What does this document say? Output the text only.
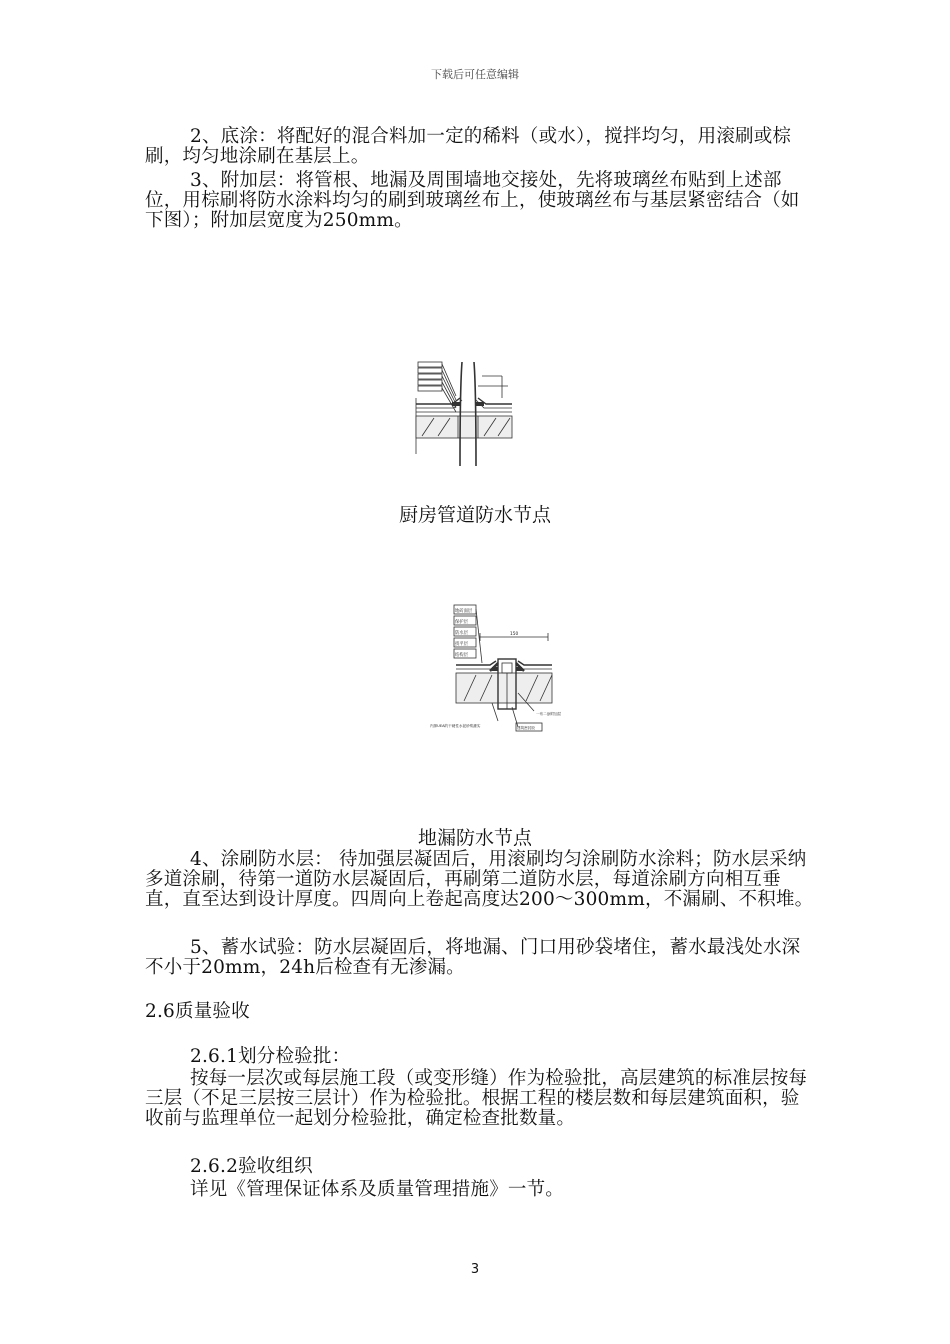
下载后可任意编辑
2、底涂：将配好的混合料加一定的稀料（或水），搅拌均匀，用滚刷或棕刷，均匀地涂刷在基层上。
3、附加层：将管根、地漏及周围墙地交接处，先将玻璃丝布贴到上述部位，用棕刷将防水涂料均匀的刷到玻璃丝布上，使玻璃丝布与基层紧密结合（如下图）；附加层宽度为250mm。
厨房管道防水节点
地砖面层
保护层
防水层
找平层
结构层
150
内掺UEA的干硬性水泥砂浆灌实
一布二涂附加层
建筑密封胶
地漏防水节点
4、涂刷防水层： 待加强层凝固后，用滚刷均匀涂刷防水涂料；防水层采纳多道涂刷，待第一道防水层凝固后，再刷第二道防水层，每道涂刷方向相互垂直，直至达到设计厚度。四周向上卷起高度达200～300mm，不漏刷、不积堆。
5、蓄水试验：防水层凝固后，将地漏、门口用砂袋堵住，蓄水最浅处水深不小于20mm，24h后检查有无渗漏。
2.6质量验收
2.6.1划分检验批：
按每一层次或每层施工段（或变形缝）作为检验批，高层建筑的标准层按每三层（不足三层按三层计）作为检验批。根据工程的楼层数和每层建筑面积，验收前与监理单位一起划分检验批，确定检查批数量。
2.6.2验收组织
详见《管理保证体系及质量管理措施》一节。
3
